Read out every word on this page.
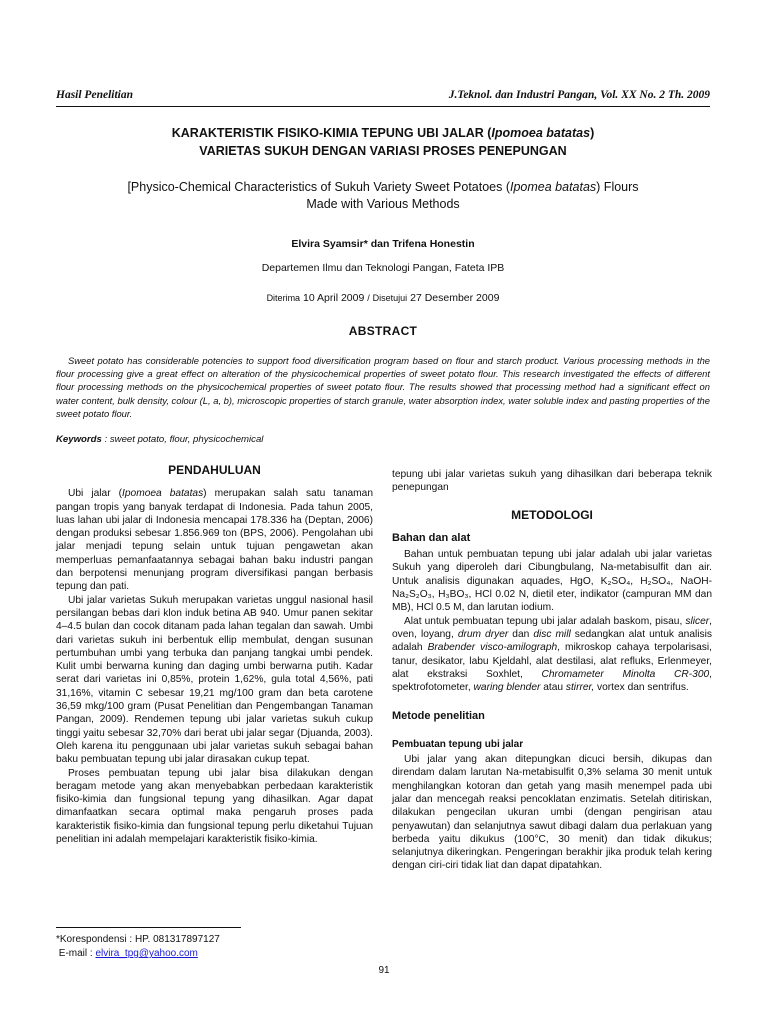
Hasil Penelitian	J.Teknol. dan Industri Pangan, Vol. XX No. 2 Th. 2009
KARAKTERISTIK FISIKO-KIMIA TEPUNG UBI JALAR (Ipomoea batatas)
VARIETAS SUKUH DENGAN VARIASI PROSES PENEPUNGAN
[Physico-Chemical Characteristics of Sukuh Variety Sweet Potatoes (Ipomea batatas) Flours
Made with Various Methods
Elvira Syamsir* dan Trifena Honestin
Departemen Ilmu dan Teknologi Pangan, Fateta IPB
Diterima 10 April 2009 / Disetujui 27 Desember 2009
ABSTRACT

Sweet potato has considerable potencies to support food diversification program based on flour and starch product. Various processing methods in the flour processing give a great effect on alteration of the physicochemical properties of sweet potato flour. This research investigated the effects of different flour processing methods on the physicochemical properties of sweet potato flour. The results showed that processing method had a significant effect on water content, bulk density, colour (L, a, b), microscopic properties of starch granule, water absorption index, water soluble index and pasting properties of the sweet potato flour.

Keywords : sweet potato, flour, physicochemical
PENDAHULUAN

Ubi jalar (Ipomoea batatas) merupakan salah satu tanaman pangan tropis yang banyak terdapat di Indonesia. Pada tahun 2005, luas lahan ubi jalar di Indonesia mencapai 178.336 ha (Deptan, 2006) dengan produksi sebesar 1.856.969 ton (BPS, 2006). Pengolahan ubi jalar menjadi tepung selain untuk tujuan pengawetan akan memperluas pemanfaatannya sebagai bahan baku industri pangan dan berpotensi menunjang program diversifikasi pangan berbasis tepung dan pati.

Ubi jalar varietas Sukuh merupakan varietas unggul nasional hasil persilangan bebas dari klon induk betina AB 940. Umur panen sekitar 4–4.5 bulan dan cocok ditanam pada lahan tegalan dan sawah. Umbi dari varietas sukuh ini berbentuk ellip membulat, dengan susunan pertumbuhan umbi yang terbuka dan panjang tangkai umbi pendek. Kulit umbi berwarna kuning dan daging umbi berwarna putih. Kadar serat dari varietas ini 0,85%, protein 1,62%, gula total 4,56%, pati 31,16%, vitamin C sebesar 19,21 mg/100 gram dan beta carotene 36,59 mkg/100 gram (Pusat Penelitian dan Pengembangan Tanaman Pangan, 2009). Rendemen tepung ubi jalar varietas sukuh cukup tinggi yaitu sebesar 32,70% dari berat ubi jalar segar (Djuanda, 2003). Oleh karena itu penggunaan ubi jalar varietas sukuh sebagai bahan baku pembuatan tepung ubi jalar dirasakan cukup tepat.

Proses pembuatan tepung ubi jalar bisa dilakukan dengan beragam metode yang akan menyebabkan perbedaan karakteristik fisiko-kimia dan fungsional tepung yang dihasilkan. Agar dapat dimanfaatkan secara optimal maka pengaruh proses pada karakteristik fisiko-kimia dan fungsional tepung perlu diketahui Tujuan penelitian ini adalah mempelajari karakteristik fisiko-kimia.

tepung ubi jalar varietas sukuh yang dihasilkan dari beberapa teknik penepungan

METODOLOGI
Bahan dan alat

Bahan untuk pembuatan tepung ubi jalar adalah ubi jalar varietas Sukuh yang diperoleh dari Cibungbulang, Na-metabisulfit dan air. Untuk analisis digunakan aquades, HgO, K₂SO₄, H₂SO₄, NaOH-Na₂S₂O₃, H₃BO₃, HCl 0.02 N, dietil eter, indikator (campuran MM dan MB), HCl 0.5 M, dan larutan iodium.

Alat untuk pembuatan tepung ubi jalar adalah baskom, pisau, slicer, oven, loyang, drum dryer dan disc mill sedangkan alat untuk analisis adalah Brabender visco-amilograph, mikroskop cahaya terpolarisasi, tanur, desikator, labu Kjeldahl, alat destilasi, alat refluks, Erlenmeyer, alat ekstraksi Soxhlet, Chromameter Minolta CR-300, spektrofotometer, waring blender atau stirrer, vortex dan sentrifus.

Metode penelitian
Pembuatan tepung ubi jalar

Ubi jalar yang akan ditepungkan dicuci bersih, dikupas dan direndam dalam larutan Na-metabisulfit 0,3% selama 30 menit untuk menghilangkan kotoran dan getah yang masih menempel pada ubi jalar dan mencegah reaksi pencoklatan enzimatis. Setelah ditiriskan, dilakukan pengecilan ukuran umbi (dengan pengirisan atau penyawutan) dan selanjutnya sawut dibagi dalam dua perlakuan yang berbeda yaitu dikukus (100°C, 30 menit) dan tidak dikukus; selanjutnya dikeringkan. Pengeringan berakhir jika produk telah kering dengan ciri-ciri tidak liat dan dapat dipatahkan.

*Korespondensi : HP. 081317897127
E-mail : elvira_tpg@yahoo.com
91
